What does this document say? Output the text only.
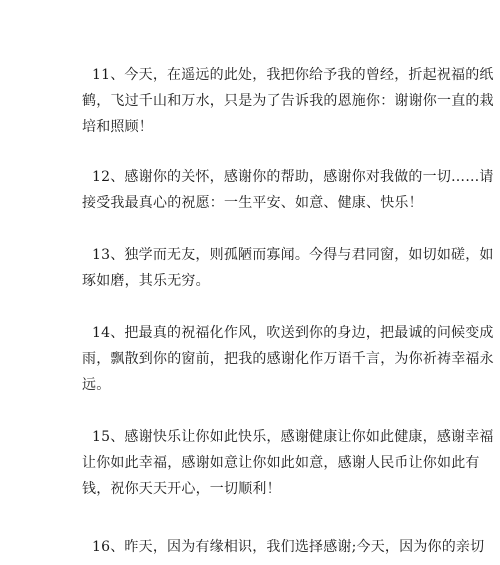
11、今天，在遥远的此处，我把你给予我的曾经，折起祝福的纸
鹤，飞过千山和万水，只是为了告诉我的恩施你：谢谢你一直的栽
培和照顾！

12、感谢你的关怀，感谢你的帮助，感谢你对我做的一切……请
接受我最真心的祝愿：一生平安、如意、健康、快乐！

13、独学而无友，则孤陋而寡闻。今得与君同窗，如切如磋，如
琢如磨，其乐无穷。

14、把最真的祝福化作风，吹送到你的身边，把最诚的问候变成
雨，飘散到你的窗前，把我的感谢化作万语千言，为你祈祷幸福永
远。

15、感谢快乐让你如此快乐，感谢健康让你如此健康，感谢幸福
让你如此幸福，感谢如意让你如此如意，感谢人民币让你如此有
钱，祝你天天开心，一切顺利！

16、昨天，因为有缘相识，我们选择感谢;今天，因为你的亲切
